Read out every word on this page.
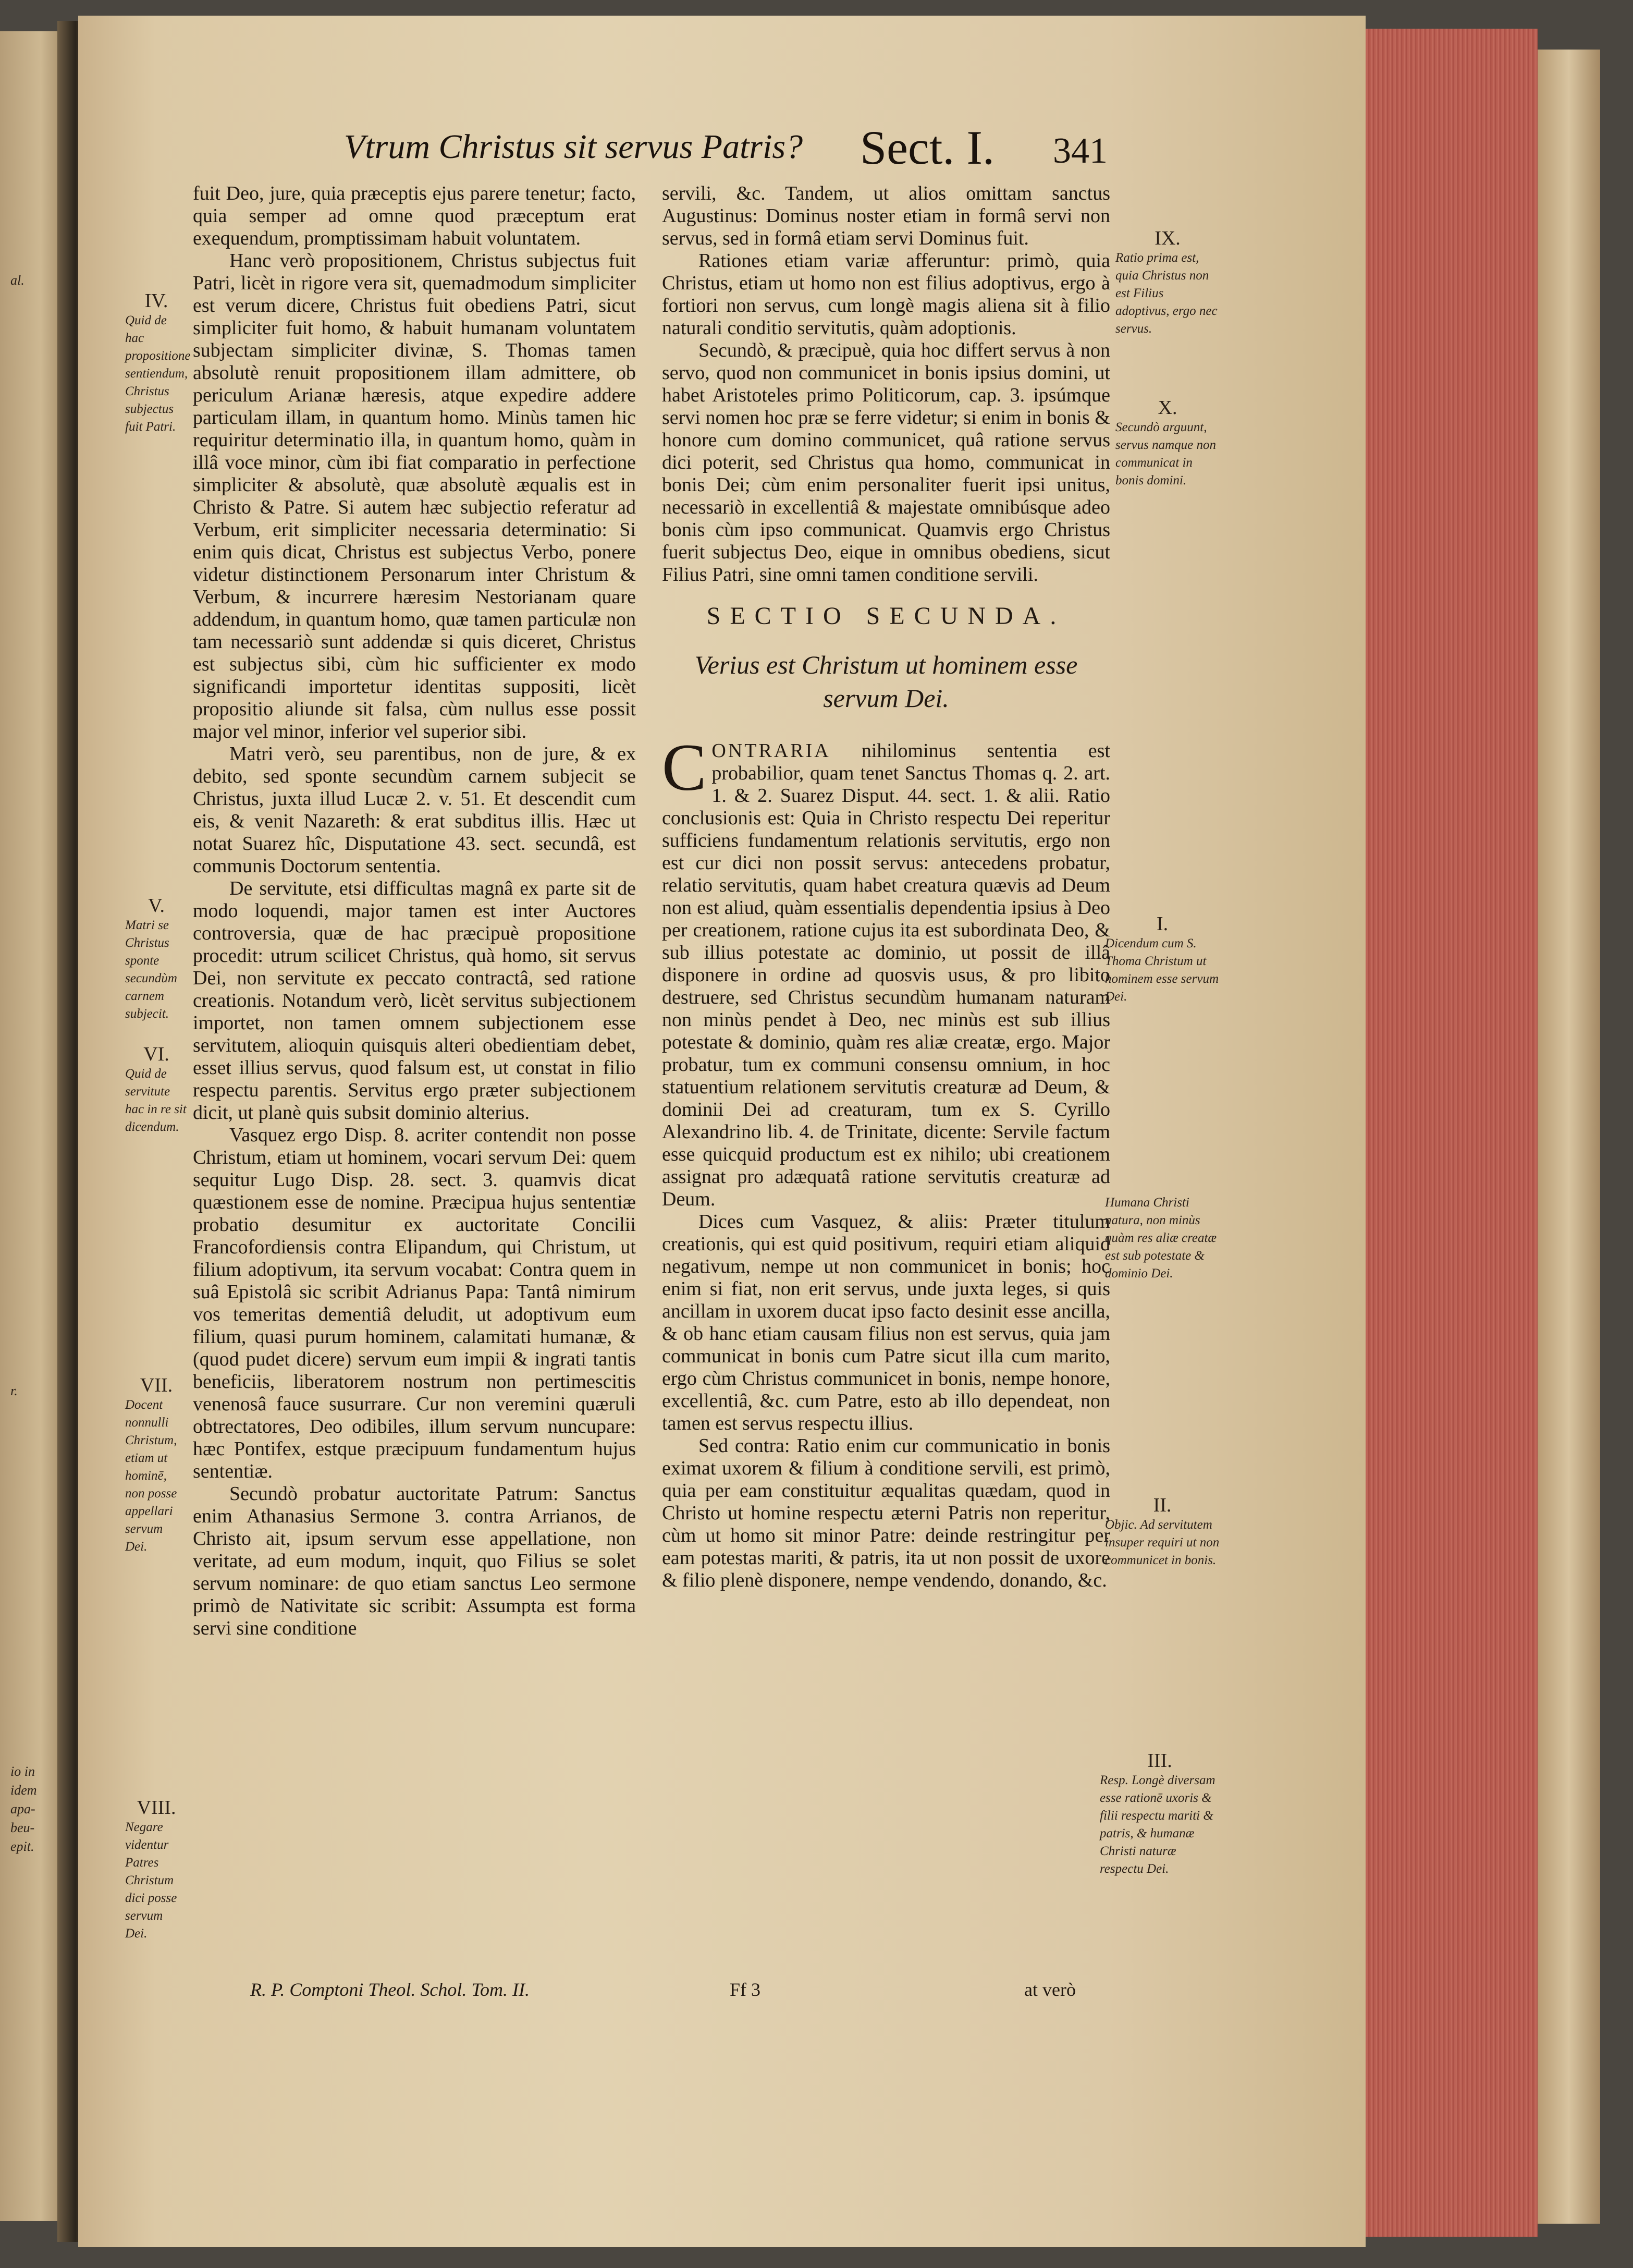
al.
r.
io in
idem
apa-
beu-
epit.
Vtrum Christus sit servus Patris? Sect. I. 341
IV.
Quid de hac propositione sentiendum, Christus subjectus fuit Patri.
V.
Matri se Christus sponte secundùm carnem subjecit.
VI.
Quid de servitute hac in re sit dicendum.
VII.
Docent nonnulli Christum, etiam ut hominē, non posse appellari servum Dei.
VIII.
Negare videntur Patres Christum dici posse servum Dei.
IX.
Ratio prima est, quia Christus non est Filius adoptivus, ergo nec servus.
X.
Secundò arguunt, servus namque non communicat in bonis domini.
I.
Dicendum cum S. Thoma Christum ut hominem esse servum Dei.
Humana Christi natura, non minùs quàm res aliæ creatæ est sub potestate & dominio Dei.
II.
Objic. Ad servitutem insuper requiri ut non communicet in bonis.
III.
Resp. Longè diversam esse rationē uxoris & filii respectu mariti & patris, & humanæ Christi naturæ respectu Dei.

fuit Deo, jure, quia præceptis ejus parere tenetur; facto, quia semper ad omne quod præceptum erat exequendum, promptissimam habuit voluntatem.

Hanc verò propositionem, Christus subjectus fuit Patri, licèt in rigore vera sit, quemadmodum simpliciter est verum dicere, Christus fuit obediens Patri, sicut simpliciter fuit homo, & habuit humanam voluntatem subjectam simpliciter divinæ, S. Thomas tamen absolutè renuit propositionem illam admittere, ob periculum Arianæ hæresis, atque expedire addere particulam illam, in quantum homo. Minùs tamen hic requiritur determinatio illa, in quantum homo, quàm in illâ voce minor, cùm ibi fiat comparatio in perfectione simpliciter & absolutè, quæ absolutè æqualis est in Christo & Patre. Si autem hæc subjectio referatur ad Verbum, erit simpliciter necessaria determinatio: Si enim quis dicat, Christus est subjectus Verbo, ponere videtur distinctionem Personarum inter Christum & Verbum, & incurrere hæresim Nestorianam quare addendum, in quantum homo, quæ tamen particulæ non tam necessariò sunt addendæ si quis diceret, Christus est subjectus sibi, cùm hic sufficienter ex modo significandi importetur identitas suppositi, licèt propositio aliunde sit falsa, cùm nullus esse possit major vel minor, inferior vel superior sibi.

Matri verò, seu parentibus, non de jure, & ex debito, sed sponte secundùm carnem subjecit se Christus, juxta illud Lucæ 2. v. 51. Et descendit cum eis, & venit Nazareth: & erat subditus illis. Hæc ut notat Suarez hîc, Disputatione 43. sect. secundâ, est communis Doctorum sententia.

De servitute, etsi difficultas magnâ ex parte sit de modo loquendi, major tamen est inter Auctores controversia, quæ de hac præcipuè propositione procedit: utrum scilicet Christus, quà homo, sit servus Dei, non servitute ex peccato contractâ, sed ratione creationis. Notandum verò, licèt servitus subjectionem importet, non tamen omnem subjectionem esse servitutem, alioquin quisquis alteri obedientiam debet, esset illius servus, quod falsum est, ut constat in filio respectu parentis. Servitus ergo præter subjectionem dicit, ut planè quis subsit dominio alterius.

Vasquez ergo Disp. 8. acriter contendit non posse Christum, etiam ut hominem, vocari servum Dei: quem sequitur Lugo Disp. 28. sect. 3. quamvis dicat quæstionem esse de nomine. Præcipua hujus sententiæ probatio desumitur ex auctoritate Concilii Francofordiensis contra Elipandum, qui Christum, ut filium adoptivum, ita servum vocabat: Contra quem in suâ Epistolâ sic scribit Adrianus Papa: Tantâ nimirum vos temeritas dementiâ deludit, ut adoptivum eum filium, quasi purum hominem, calamitati humanæ, & (quod pudet dicere) servum eum impii & ingrati tantis beneficiis, liberatorem nostrum non pertimescitis venenosâ fauce susurrare. Cur non veremini quæruli obtrectatores, Deo odibiles, illum servum nuncupare: hæc Pontifex, estque præcipuum fundamentum hujus sententiæ.

Secundò probatur auctoritate Patrum: Sanctus enim Athanasius Sermone 3. contra Arrianos, de Christo ait, ipsum servum esse appellatione, non veritate, ad eum modum, inquit, quo Filius se solet servum nominare: de quo etiam sanctus Leo sermone primò de Nativitate sic scribit: Assumpta est forma servi sine conditione

servili, &c. Tandem, ut alios omittam sanctus Augustinus: Dominus noster etiam in formâ servi non servus, sed in formâ etiam servi Dominus fuit.

Rationes etiam variæ afferuntur: primò, quia Christus, etiam ut homo non est filius adoptivus, ergo à fortiori non servus, cum longè magis aliena sit à filio naturali conditio servitutis, quàm adoptionis.

Secundò, & præcipuè, quia hoc differt servus à non servo, quod non communicet in bonis ipsius domini, ut habet Aristoteles primo Politicorum, cap. 3. ipsúmque servi nomen hoc præ se ferre videtur; si enim in bonis & honore cum domino communicet, quâ ratione servus dici poterit, sed Christus qua homo, communicat in bonis Dei; cùm enim personaliter fuerit ipsi unitus, necessariò in excellentiâ & majestate omnibúsque adeo bonis cùm ipso communicat. Quamvis ergo Christus fuerit subjectus Deo, eique in omnibus obediens, sicut Filius Patri, sine omni tamen conditione servili.

SECTIO SECUNDA.
Verius est Christum ut hominem esse servum Dei.

CONTRARIA nihilominus sententia est probabilior, quam tenet Sanctus Thomas q. 2. art. 1. & 2. Suarez Disput. 44. sect. 1. & alii. Ratio conclusionis est: Quia in Christo respectu Dei reperitur sufficiens fundamentum relationis servitutis, ergo non est cur dici non possit servus: antecedens probatur, relatio servitutis, quam habet creatura quævis ad Deum non est aliud, quàm essentialis dependentia ipsius à Deo per creationem, ratione cujus ita est subordinata Deo, & sub illius potestate ac dominio, ut possit de illâ disponere in ordine ad quosvis usus, & pro libito destruere, sed Christus secundùm humanam naturam non minùs pendet à Deo, nec minùs est sub illius potestate & dominio, quàm res aliæ creatæ, ergo. Major probatur, tum ex communi consensu omnium, in hoc statuentium relationem servitutis creaturæ ad Deum, & dominii Dei ad creaturam, tum ex S. Cyrillo Alexandrino lib. 4. de Trinitate, dicente: Servile factum esse quicquid productum est ex nihilo; ubi creationem assignat pro adæquatâ ratione servitutis creaturæ ad Deum.

Dices cum Vasquez, & aliis: Præter titulum creationis, qui est quid positivum, requiri etiam aliquid negativum, nempe ut non communicet in bonis; hoc enim si fiat, non erit servus, unde juxta leges, si quis ancillam in uxorem ducat ipso facto desinit esse ancilla, & ob hanc etiam causam filius non est servus, quia jam communicat in bonis cum Patre sicut illa cum marito, ergo cùm Christus communicet in bonis, nempe honore, excellentiâ, &c. cum Patre, esto ab illo dependeat, non tamen est servus respectu illius.

Sed contra: Ratio enim cur communicatio in bonis eximat uxorem & filium à conditione servili, est primò, quia per eam constituitur æqualitas quædam, quod in Christo ut homine respectu æterni Patris non reperitur, cùm ut homo sit minor Patre: deinde restringitur per eam potestas mariti, & patris, ita ut non possit de uxore & filio plenè disponere, nempe vendendo, donando, &c.

R. P. Comptoni Theol. Schol. Tom. II.	Ff 3	at verò
